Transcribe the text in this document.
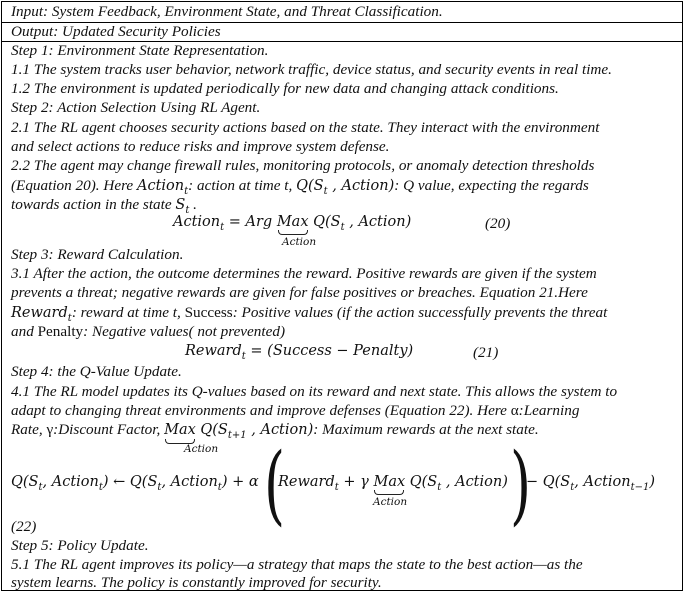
Input: System Feedback, Environment State, and Threat Classification.
Output: Updated Security Policies
Step 1: Environment State Representation.
1.1 The system tracks user behavior, network traffic, device status, and security events in real time.
1.2 The environment is updated periodically for new data and changing attack conditions.
Step 2: Action Selection Using RL Agent.
2.1 The RL agent chooses security actions based on the state. They interact with the environment
and select actions to reduce risks and improve system defense.
2.2 The agent may change firewall rules, monitoring protocols, or anomaly detection thresholds
(Equation 20). Here Action$_t$: action at time t, $Q(S_t$ , Action): Q value, expecting the regards
towards action in the state $S_t$ .
Action$_t$ = Arg Max
$Q(S_t$ , Action)
Action
(20)
Step 3: Reward Calculation.
3.1 After the action, the outcome determines the reward. Positive rewards are given if the system
prevents a threat; negative rewards are given for false positives or breaches. Equation 21.Here
Reward$_t$: reward at time t, Success: Positive values (if the action successfully prevents the threat
and Penalty: Negative values( not prevented)
Reward$_t$ = (Success − Penalty)	(21)
Step 4: the Q-Value Update.
4.1 The RL model updates its Q-values based on its reward and next state. This allows the system to
adapt to changing threat environments and improve defenses (Equation 22). Here α:Learning
Rate, γ:Discount Factor, Max
$Q(S_{t+1}$ , Action): Maximum rewards at the next state.
Action
$Q(S_t$, Action$_t$) ← $Q(S_t$, Action$_t$) + α (
Reward$_t$ + γ Max
$Q(S_t$ , Action)
Action )
− $Q(S_t$, Action$_{t-1}$)
(22)
Step 5: Policy Update.
5.1 The RL agent improves its policy—a strategy that maps the state to the best action—as the
system learns. The policy is constantly improved for security.
